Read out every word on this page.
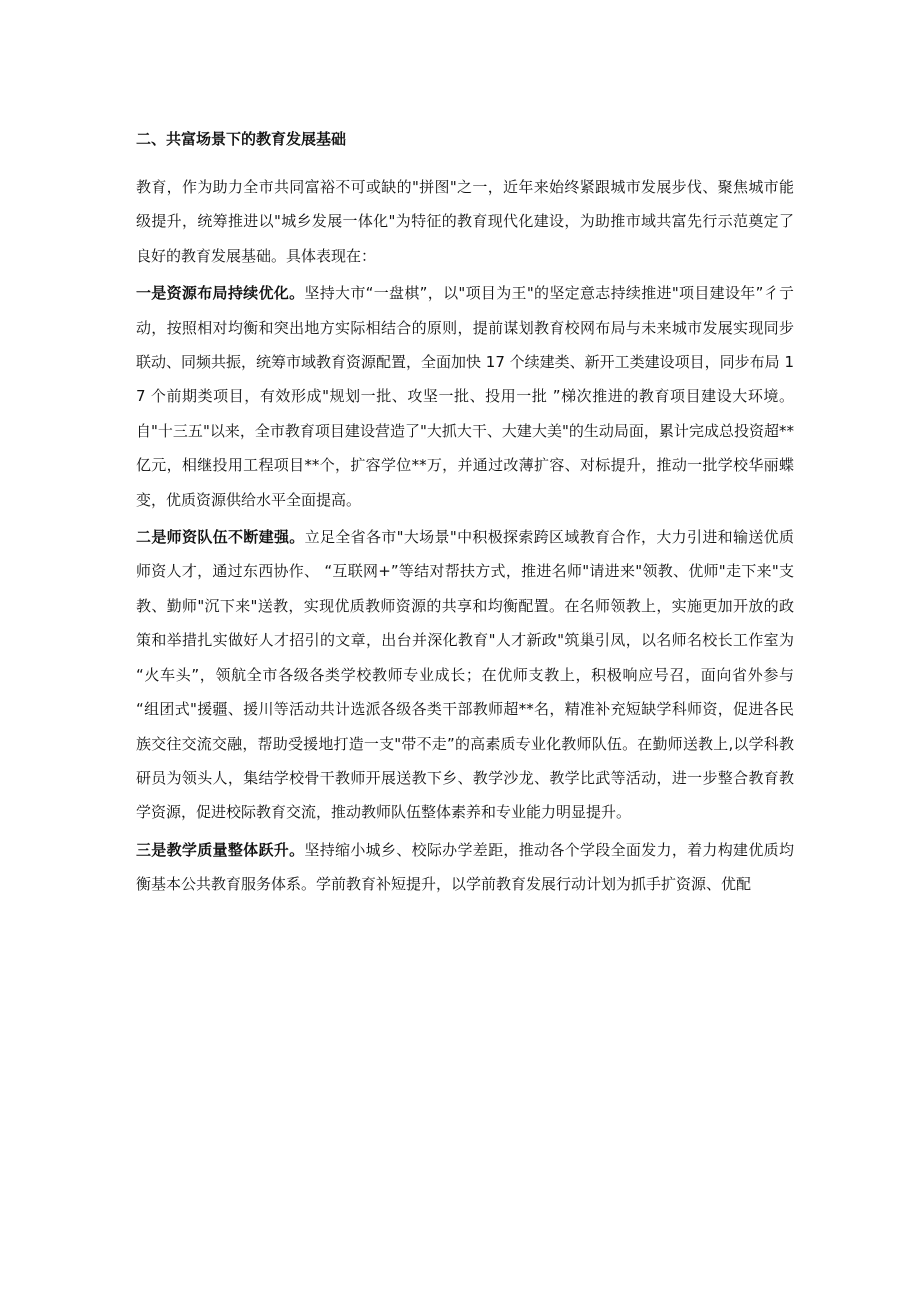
二、共富场景下的教育发展基础

教育，作为助力全市共同富裕不可或缺的"拼图"之一，近年来始终紧跟城市发展步伐、聚焦城市能级提升，统筹推进以"城乡发展一体化"为特征的教育现代化建设，为助推市域共富先行示范奠定了良好的教育发展基础。具体表现在：

一是资源布局持续优化。坚持大市“一盘棋”，以"项目为王"的坚定意志持续推进"项目建设年”彳亍动，按照相对均衡和突出地方实际相结合的原则，提前谋划教育校网布局与未来城市发展实现同步联动、同频共振，统筹市域教育资源配置，全面加快 17 个续建类、新开工类建设项目，同步布局 17 个前期类项目，有效形成"规划一批、攻坚一批、投用一批 ”梯次推进的教育项目建设大环境。自"十三五"以来，全市教育项目建设营造了"大抓大干、大建大美"的生动局面，累计完成总投资超**亿元，相继投用工程项目**个，扩容学位**万，并通过改薄扩容、对标提升，推动一批学校华丽蝶变，优质资源供给水平全面提高。

二是师资队伍不断建强。立足全省各市"大场景"中积极探索跨区域教育合作，大力引进和输送优质师资人才，通过东西协作、 “互联网+”等结对帮扶方式，推进名师"请进来"领教、优师"走下来"支教、勤师"沉下来"送教，实现优质教师资源的共享和均衡配置。在名师领教上，实施更加开放的政策和举措扎实做好人才招引的文章，出台并深化教育"人才新政"筑巢引凤，以名师名校长工作室为 “火车头”，领航全市各级各类学校教师专业成长；在优师支教上，积极响应号召，面向省外参与 “组团式"援疆、援川等活动共计选派各级各类干部教师超**名，精准补充短缺学科师资，促进各民族交往交流交融，帮助受援地打造一支"带不走”的高素质专业化教师队伍。在勤师送教上,以学科教研员为领头人，集结学校骨干教师开展送教下乡、教学沙龙、教学比武等活动，进一步整合教育教学资源，促进校际教育交流，推动教师队伍整体素养和专业能力明显提升。

三是教学质量整体跃升。坚持缩小城乡、校际办学差距，推动各个学段全面发力，着力构建优质均衡基本公共教育服务体系。学前教育补短提升，以学前教育发展行动计划为抓手扩资源、优配
